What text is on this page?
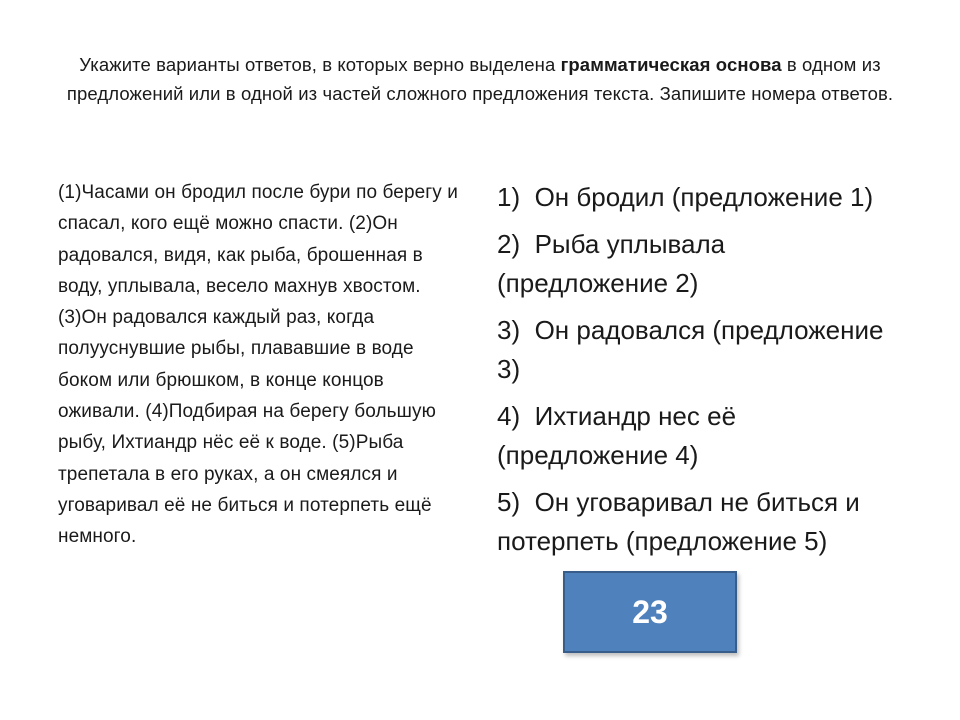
Укажите варианты ответов, в которых верно выделена грамматическая основа в одном из предложений или в одной из частей сложного предложения текста. Запишите номера ответов.
(1)Часами он бродил после бури по берегу и спасал, кого ещё можно спасти. (2)Он радовался, видя, как рыба, брошенная в воду, уплывала, весело махнув хвостом. (3)Он радовался каждый раз, когда полууснувшие рыбы, плававшие в воде боком или брюшком, в конце концов оживали. (4)Подбирая на берегу большую рыбу, Ихтиандр нёс её к воде. (5)Рыба трепетала в его руках, а он смеялся и уговаривал её не биться и потерпеть ещё немного.
1) Он бродил (предложение 1)
2) Рыба уплывала (предложение 2)
3) Он радовался (предложение 3)
4) Ихтиандр нес её (предложение 4)
5) Он уговаривал не биться и потерпеть (предложение 5)
23
